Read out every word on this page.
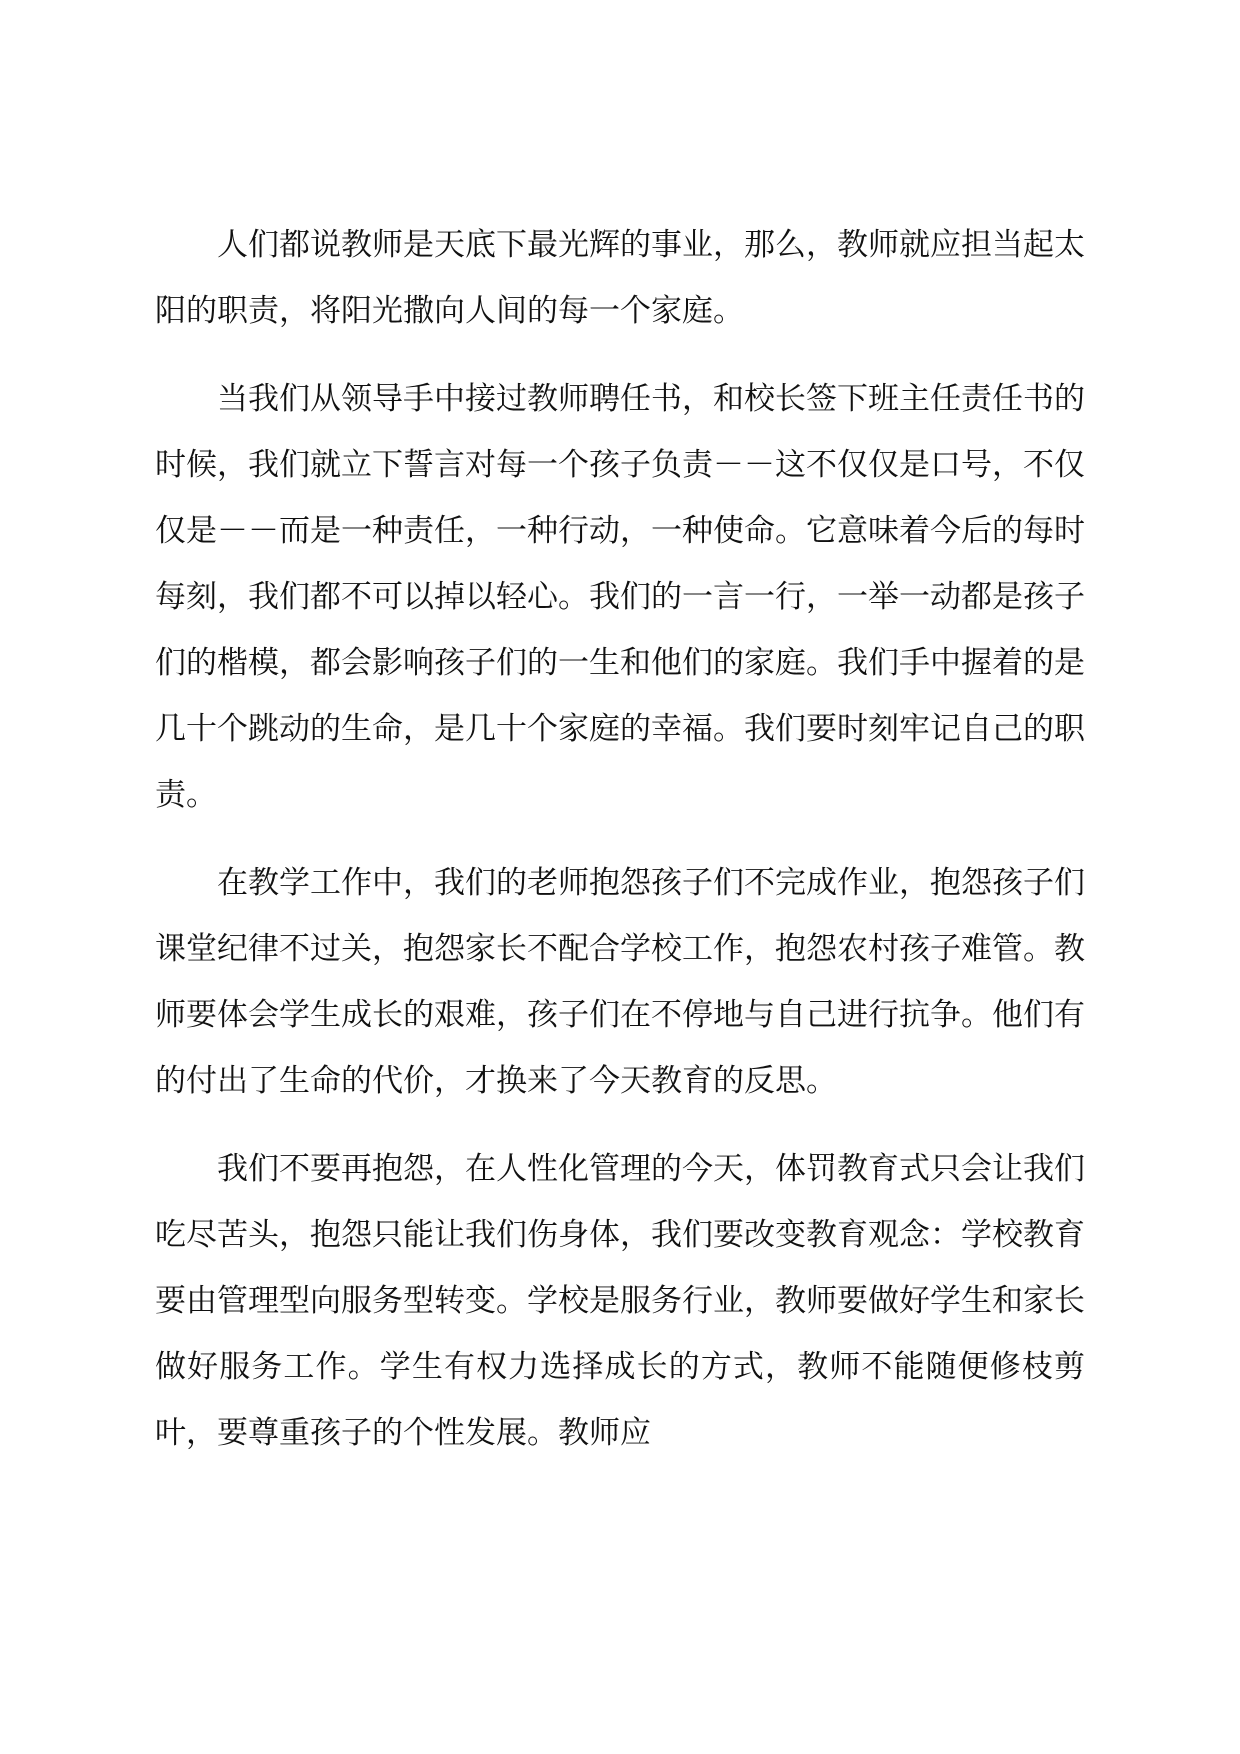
人们都说教师是天底下最光辉的事业，那么，教师就应担当起太阳的职责，将阳光撒向人间的每一个家庭。

当我们从领导手中接过教师聘任书，和校长签下班主任责任书的时候，我们就立下誓言对每一个孩子负责－－这不仅仅是口号，不仅仅是－－而是一种责任，一种行动，一种使命。它意味着今后的每时每刻，我们都不可以掉以轻心。我们的一言一行，一举一动都是孩子们的楷模，都会影响孩子们的一生和他们的家庭。我们手中握着的是几十个跳动的生命，是几十个家庭的幸福。我们要时刻牢记自己的职责。

在教学工作中，我们的老师抱怨孩子们不完成作业，抱怨孩子们课堂纪律不过关，抱怨家长不配合学校工作，抱怨农村孩子难管。教师要体会学生成长的艰难，孩子们在不停地与自己进行抗争。他们有的付出了生命的代价，才换来了今天教育的反思。

我们不要再抱怨，在人性化管理的今天，体罚教育式只会让我们吃尽苦头，抱怨只能让我们伤身体，我们要改变教育观念：学校教育要由管理型向服务型转变。学校是服务行业，教师要做好学生和家长做好服务工作。学生有权力选择成长的方式，教师不能随便修枝剪叶，要尊重孩子的个性发展。教师应
